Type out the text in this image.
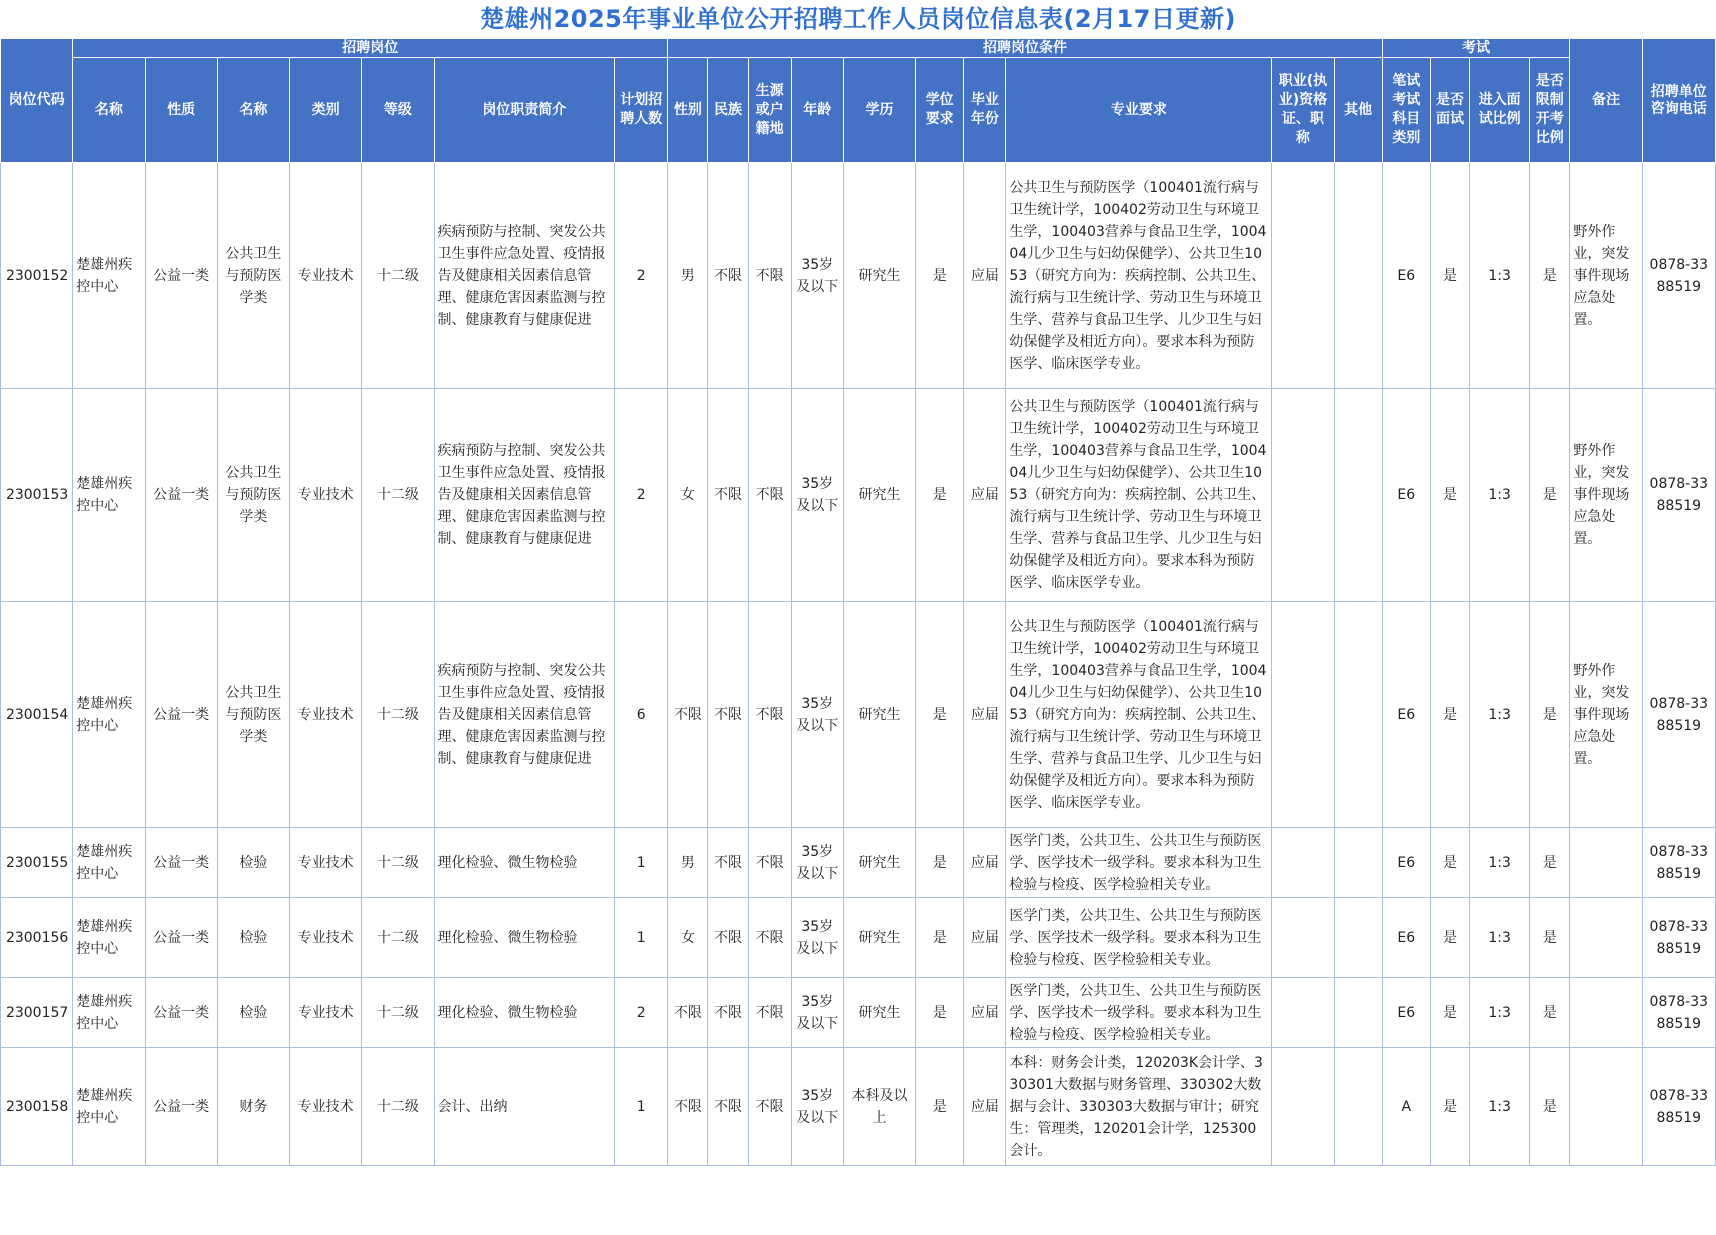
楚雄州2025年事业单位公开招聘工作人员岗位信息表(2月17日更新)
岗位代码	招聘岗位							招聘岗位条件										考试				备注	招聘单位咨询电话
	名称	性质	名称	类别	等级	岗位职责简介	计划招聘人数	性别	民族	生源或户籍地	年龄	学历	学位要求	毕业年份	专业要求	职业(执业)资格证、职称	其他	笔试考试科目类别	是否面试	进入面试比例	是否限制开考比例		
2300152	楚雄州疾控中心	公益一类	公共卫生与预防医学类	专业技术	十二级	疾病预防与控制、突发公共卫生事件应急处置、疫情报告及健康相关因素信息管理、健康危害因素监测与控制、健康教育与健康促进	2	男	不限	不限	35岁及以下	研究生	是	应届	公共卫生与预防医学（100401流行病与卫生统计学，100402劳动卫生与环境卫生学，100403营养与食品卫生学，100404儿少卫生与妇幼保健学）、公共卫生1053（研究方向为：疾病控制、公共卫生、流行病与卫生统计学、劳动卫生与环境卫生学、营养与食品卫生学、儿少卫生与妇幼保健学及相近方向）。要求本科为预防医学、临床医学专业。			E6	是	1:3	是	野外作业，突发事件现场应急处置。	0878-3388519
2300153	楚雄州疾控中心	公益一类	公共卫生与预防医学类	专业技术	十二级	疾病预防与控制、突发公共卫生事件应急处置、疫情报告及健康相关因素信息管理、健康危害因素监测与控制、健康教育与健康促进	2	女	不限	不限	35岁及以下	研究生	是	应届	公共卫生与预防医学（100401流行病与卫生统计学，100402劳动卫生与环境卫生学，100403营养与食品卫生学，100404儿少卫生与妇幼保健学）、公共卫生1053（研究方向为：疾病控制、公共卫生、流行病与卫生统计学、劳动卫生与环境卫生学、营养与食品卫生学、儿少卫生与妇幼保健学及相近方向）。要求本科为预防医学、临床医学专业。			E6	是	1:3	是	野外作业，突发事件现场应急处置。	0878-3388519
2300154	楚雄州疾控中心	公益一类	公共卫生与预防医学类	专业技术	十二级	疾病预防与控制、突发公共卫生事件应急处置、疫情报告及健康相关因素信息管理、健康危害因素监测与控制、健康教育与健康促进	6	不限	不限	不限	35岁及以下	研究生	是	应届	公共卫生与预防医学（100401流行病与卫生统计学，100402劳动卫生与环境卫生学，100403营养与食品卫生学，100404儿少卫生与妇幼保健学）、公共卫生1053（研究方向为：疾病控制、公共卫生、流行病与卫生统计学、劳动卫生与环境卫生学、营养与食品卫生学、儿少卫生与妇幼保健学及相近方向）。要求本科为预防医学、临床医学专业。			E6	是	1:3	是	野外作业，突发事件现场应急处置。	0878-3388519
2300155	楚雄州疾控中心	公益一类	检验	专业技术	十二级	理化检验、微生物检验	1	男	不限	不限	35岁及以下	研究生	是	应届	医学门类，公共卫生、公共卫生与预防医学、医学技术一级学科。要求本科为卫生检验与检疫、医学检验相关专业。			E6	是	1:3	是		0878-3388519
2300156	楚雄州疾控中心	公益一类	检验	专业技术	十二级	理化检验、微生物检验	1	女	不限	不限	35岁及以下	研究生	是	应届	医学门类，公共卫生、公共卫生与预防医学、医学技术一级学科。要求本科为卫生检验与检疫、医学检验相关专业。			E6	是	1:3	是		0878-3388519
2300157	楚雄州疾控中心	公益一类	检验	专业技术	十二级	理化检验、微生物检验	2	不限	不限	不限	35岁及以下	研究生	是	应届	医学门类，公共卫生、公共卫生与预防医学、医学技术一级学科。要求本科为卫生检验与检疫、医学检验相关专业。			E6	是	1:3	是		0878-3388519
2300158	楚雄州疾控中心	公益一类	财务	专业技术	十二级	会计、出纳	1	不限	不限	不限	35岁及以下	本科及以上	是	应届	本科：财务会计类，120203K会计学、330301大数据与财务管理、330302大数据与会计、330303大数据与审计；研究生：管理类，120201会计学，125300会计。			A	是	1:3	是		0878-3388519
